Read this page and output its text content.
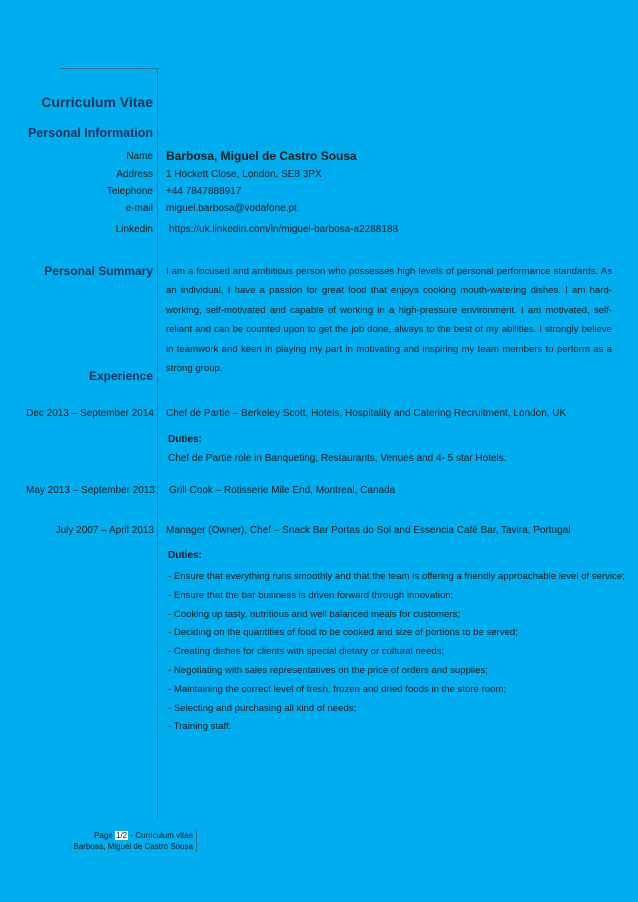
Curriculum Vitae
Personal Information
Name Barbosa, Miguel de Castro Sousa
Address 1 Hockett Close, London, SE8 3PX
Telephone +44 7847888917
e-mail miguel.barbosa@vodafone.pt
Linkedin https://uk.linkedin.com/in/miguel-barbosa-a2288188
Personal Summary I am a focused and ambitious person who possesses high levels of personal performance standards. As an individual, I have a passion for great food that enjoys cooking mouth-watering dishes. I am hard-working, self-motivated and capable of working in a high-pressure environment. I am motivated, self-reliant and can be counted upon to get the job done, always to the best of my abilities. I strongly believe in teamwork and keen in playing my part in motivating and inspiring my team members to perform as a strong group.
Experience
Dec 2013 – September 2014 Chef de Partie – Berkeley Scott, Hotels, Hospitality and Catering Recruitment, London, UK
Duties:
Chef de Partie role in Banqueting, Restaurants, Venues and 4- 5 star Hotels.
May 2013 – September 2013 Grill Cook – Rotisserie Mile End, Montreal, Canada
July 2007 – April 2013 Manager (Owner), Chef – Snack Bar Portas do Sol and Essencia Café Bar, Tavira, Portugal
Duties:
- Ensure that everything runs smoothly and that the team is offering a friendly approachable level of service;
- Ensure that the bar business is driven forward through innovation;
- Cooking up tasty, nutritious and well balanced meals for customers;
- Deciding on the quantities of food to be cooked and size of portions to be served;
- Creating dishes for clients with special dietary or cultural needs;
- Negotiating with sales representatives on the price of orders and supplies;
- Maintaining the correct level of fresh, frozen and dried foods in the store room;
- Selecting and purchasing all kind of needs;
- Training staff.
Page 1/2 - Curriculum vitae
Barbosa, Miguel de Castro Sousa
